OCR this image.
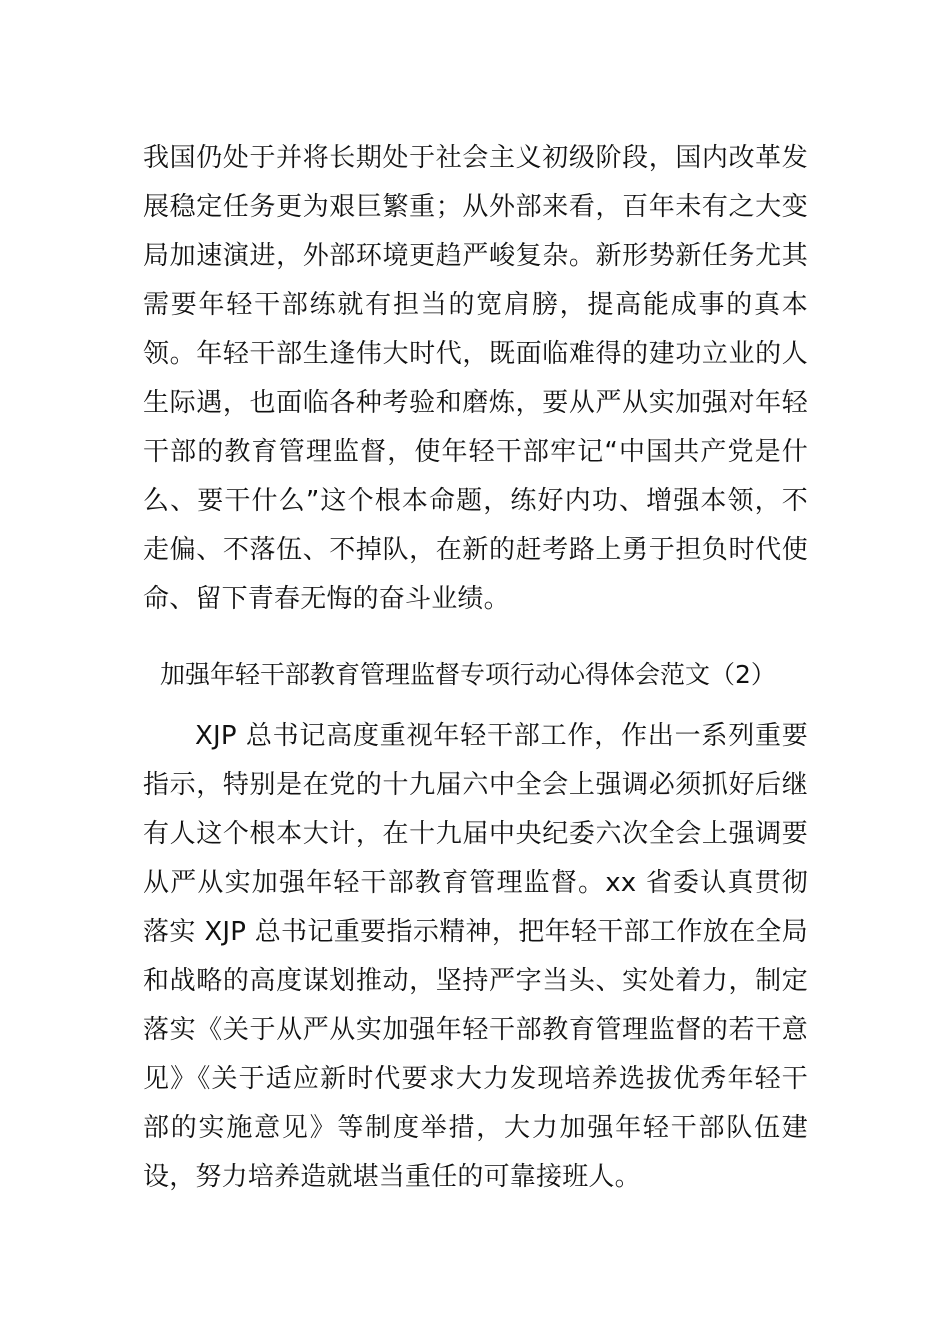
我国仍处于并将长期处于社会主义初级阶段，国内改革发展稳定任务更为艰巨繁重；从外部来看，百年未有之大变局加速演进，外部环境更趋严峻复杂。新形势新任务尤其需要年轻干部练就有担当的宽肩膀，提高能成事的真本领。年轻干部生逢伟大时代，既面临难得的建功立业的人生际遇，也面临各种考验和磨炼，要从严从实加强对年轻干部的教育管理监督，使年轻干部牢记“中国共产党是什么、要干什么”这个根本命题，练好内功、增强本领，不走偏、不落伍、不掉队，在新的赶考路上勇于担负时代使命、留下青春无悔的奋斗业绩。

加强年轻干部教育管理监督专项行动心得体会范文（2）

XJP 总书记高度重视年轻干部工作，作出一系列重要指示，特别是在党的十九届六中全会上强调必须抓好后继有人这个根本大计，在十九届中央纪委六次全会上强调要从严从实加强年轻干部教育管理监督。xx 省委认真贯彻落实 XJP 总书记重要指示精神，把年轻干部工作放在全局和战略的高度谋划推动，坚持严字当头、实处着力，制定落实《关于从严从实加强年轻干部教育管理监督的若干意见》《关于适应新时代要求大力发现培养选拔优秀年轻干部的实施意见》等制度举措，大力加强年轻干部队伍建设，努力培养造就堪当重任的可靠接班人。
